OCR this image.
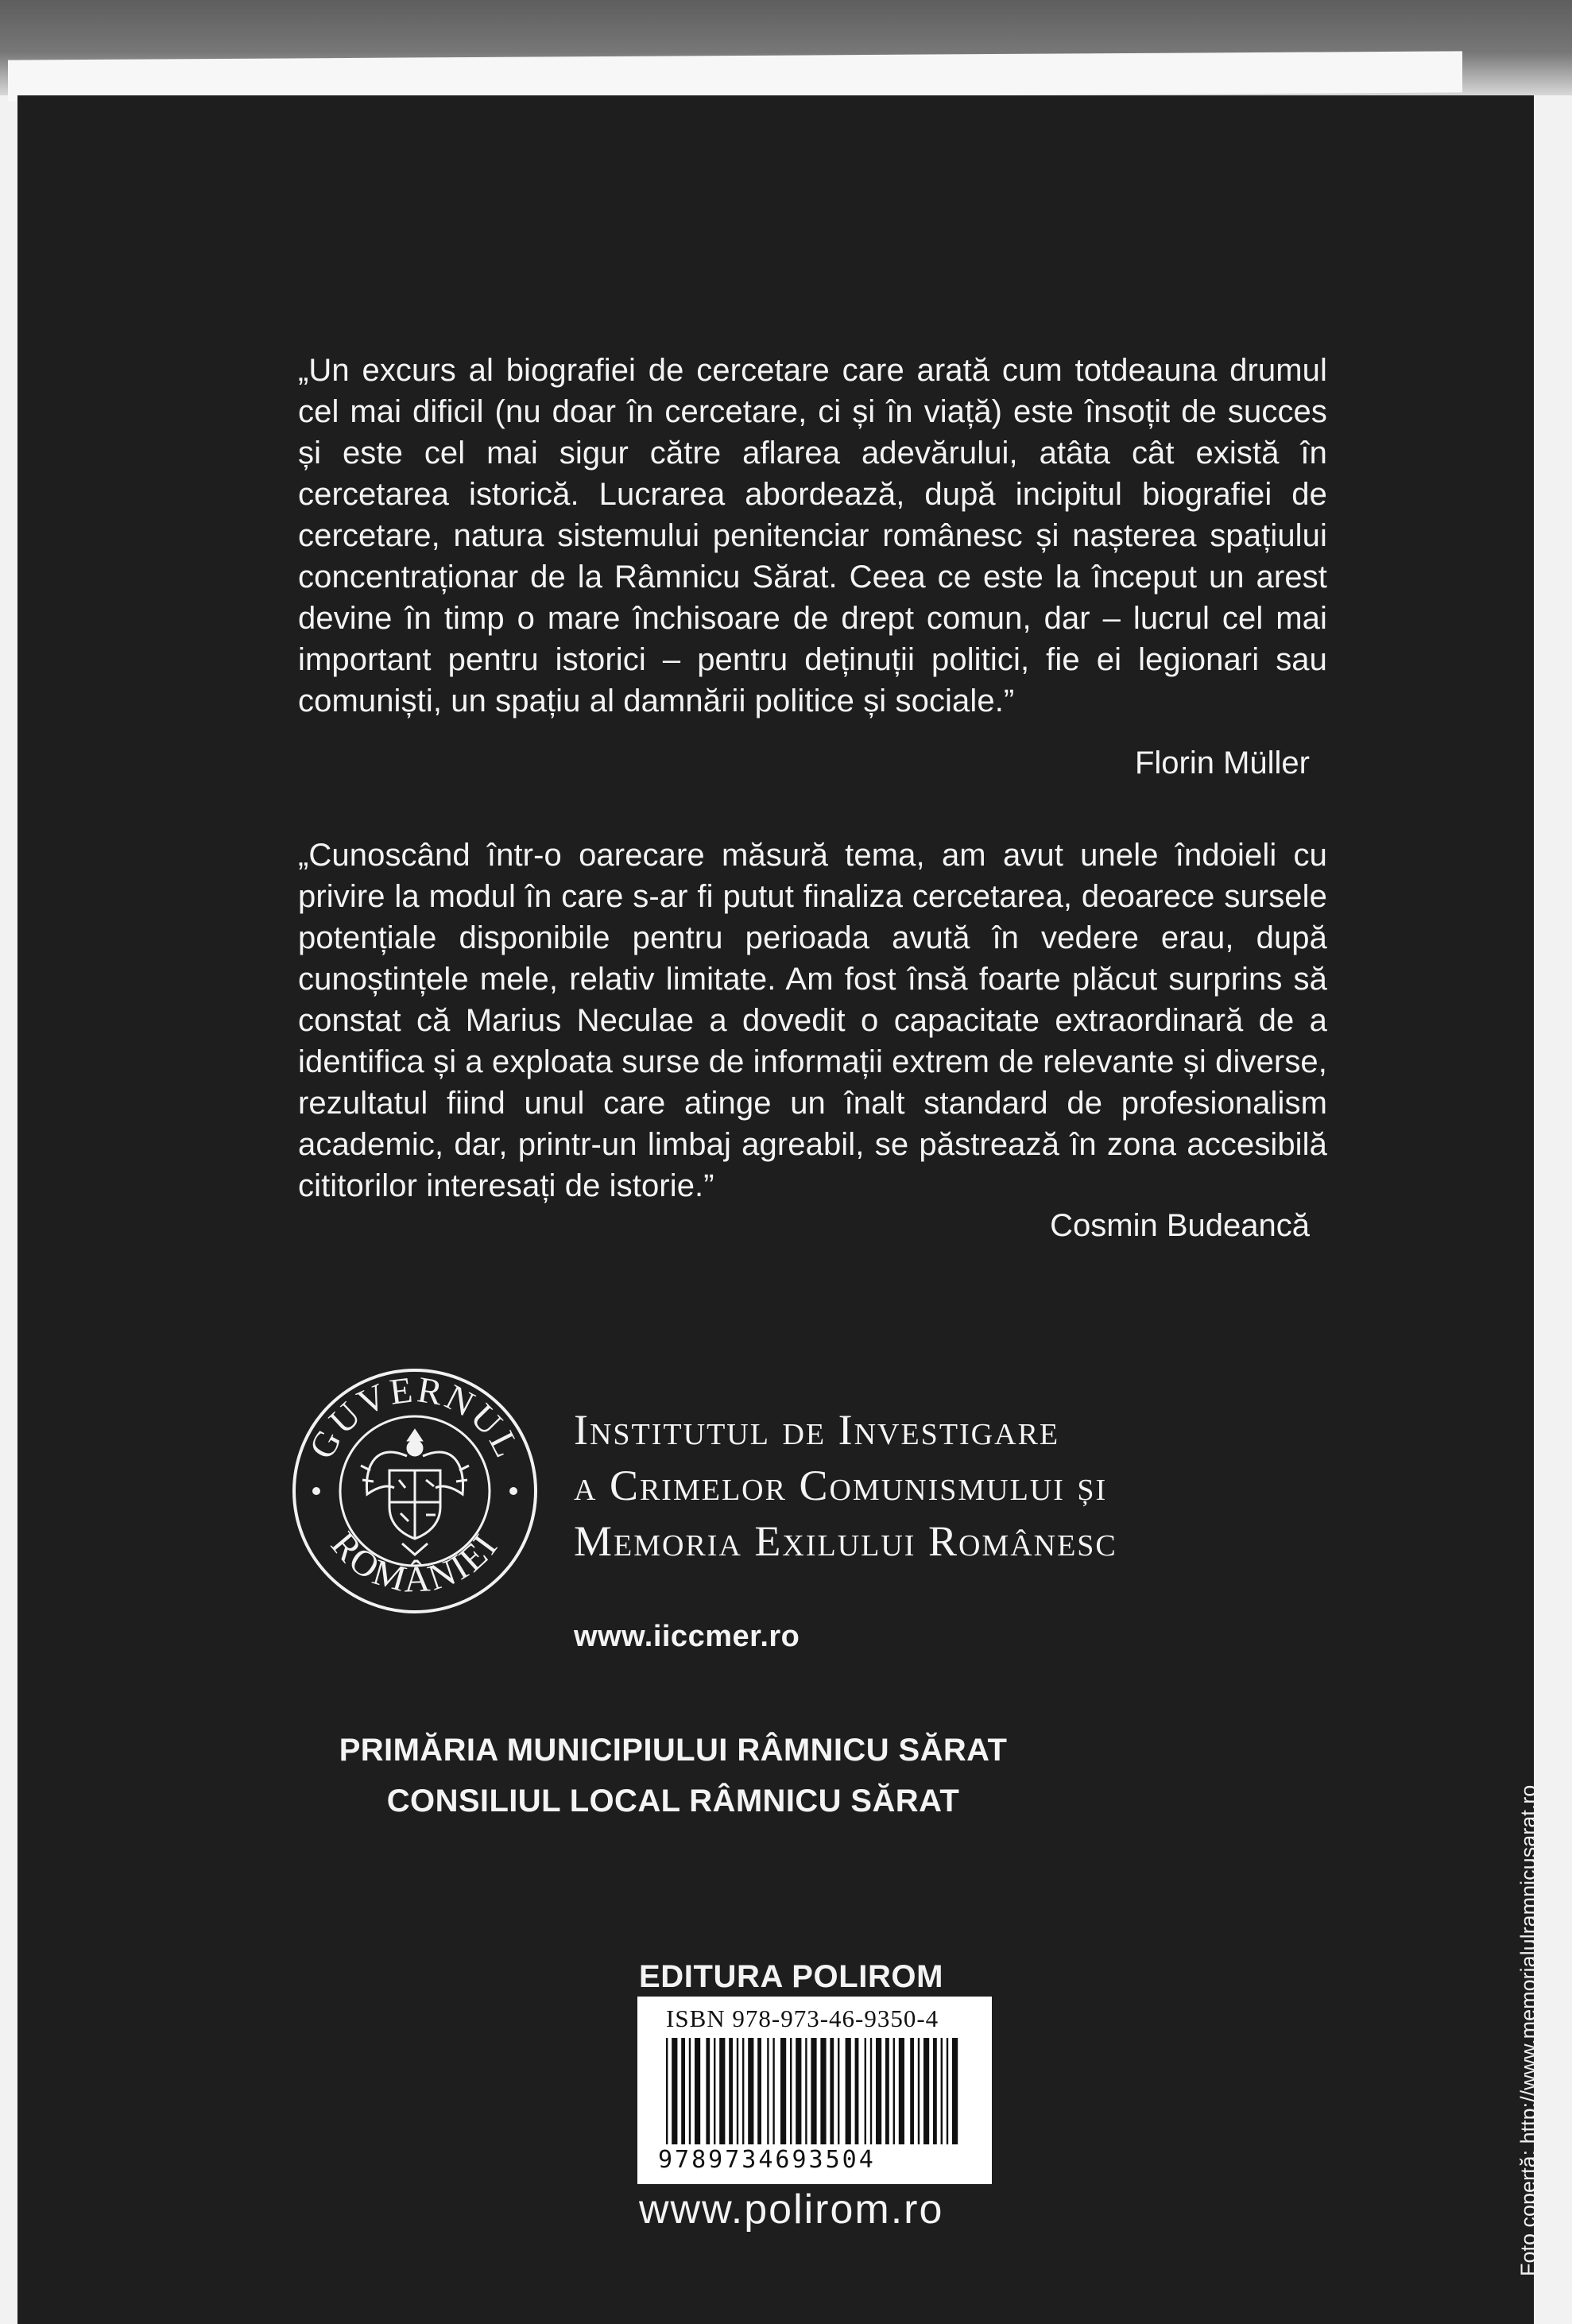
„Un excurs al biografiei de cercetare care arată cum totdeauna drumul cel mai dificil (nu doar în cercetare, ci și în viață) este însoțit de succes și este cel mai sigur către aflarea adevărului, atâta cât există în cercetarea istorică. Lucrarea abordează, după incipitul biografiei de cercetare, natura sistemului penitenciar românesc și nașterea spațiului concentraționar de la Râmnicu Sărat. Ceea ce este la început un arest devine în timp o mare închisoare de drept comun, dar – lucrul cel mai important pentru istorici – pentru deținuții politici, fie ei legionari sau comuniști, un spațiu al damnării politice și sociale.”
Florin Müller
„Cunoscând într-o oarecare măsură tema, am avut unele îndoieli cu privire la modul în care s-ar fi putut finaliza cercetarea, deoarece sursele potențiale disponibile pentru perioada avută în vedere erau, după cunoștințele mele, relativ limitate. Am fost însă foarte plăcut surprins să constat că Marius Neculae a dovedit o capacitate extraordinară de a identifica și a exploata surse de informații extrem de relevante și diverse, rezultatul fiind unul care atinge un înalt standard de profesionalism academic, dar, printr-un limbaj agreabil, se păstrează în zona accesibilă cititorilor interesați de istorie.”
Cosmin Budeancă
GUVERNUL
ROMÂNIEI
Institutul de Investigare
а Crimelor Comunismului și
Memoria Exilului Românesc
www.iiccmer.ro
PRIMĂRIA MUNICIPIULUI RÂMNICU SĂRAT
CONSILIUL LOCAL RÂMNICU SĂRAT
EDITURA POLIROM
ISBN 978-973-46-9350-4
9789734693504
www.polirom.ro	Foto copertă: http://www.memorialulramnicusarat.ro
